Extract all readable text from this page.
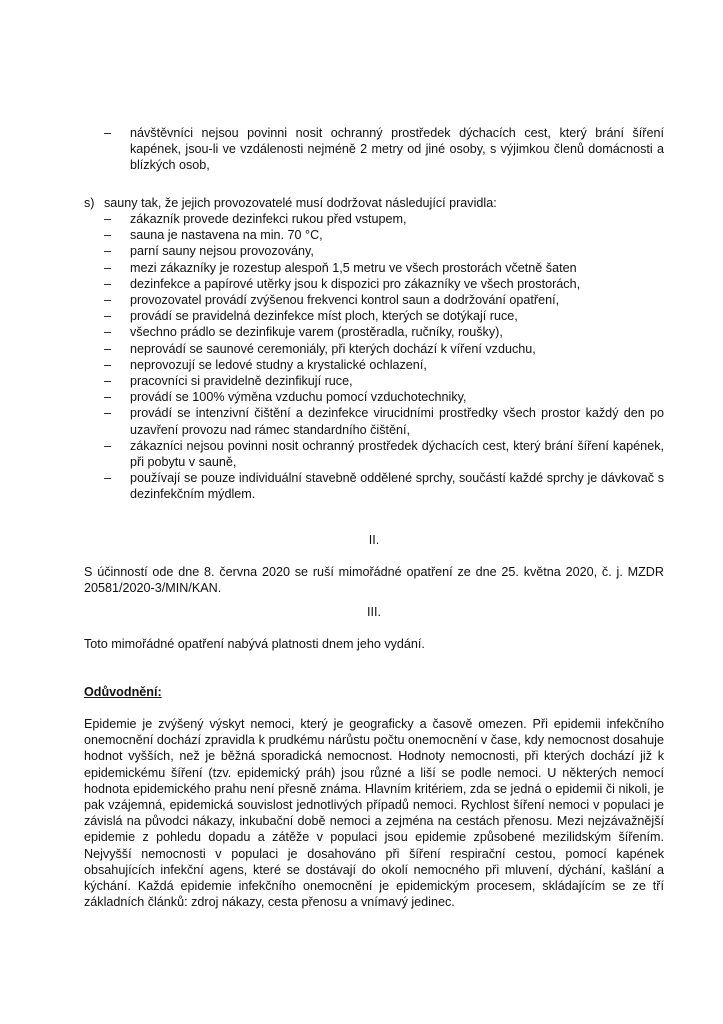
– návštěvníci nejsou povinni nosit ochranný prostředek dýchacích cest, který brání šíření kapének, jsou-li ve vzdálenosti nejméně 2 metry od jiné osoby, s výjimkou členů domácnosti a blízkých osob,
s) sauny tak, že jejich provozovatelé musí dodržovat následující pravidla:
– zákazník provede dezinfekci rukou před vstupem,
– sauna je nastavena na min. 70 °C,
– parní sauny nejsou provozovány,
– mezi zákazníky je rozestup alespoň 1,5 metru ve všech prostorách včetně šaten
– dezinfekce a papírové utěrky jsou k dispozici pro zákazníky ve všech prostorách,
– provozovatel provádí zvýšenou frekvenci kontrol saun a dodržování opatření,
– provádí se pravidelná dezinfekce míst ploch, kterých se dotýkají ruce,
– všechno prádlo se dezinfikuje varem (prostěradla, ručníky, roušky),
– neprovádí se saunové ceremoniály, při kterých dochází k víření vzduchu,
– neprovozují se ledové studny a krystalické ochlazení,
– pracovníci si pravidelně dezinfikují ruce,
– provádí se 100% výměna vzduchu pomocí vzduchotechniky,
– provádí se intenzivní čištění a dezinfekce virucidními prostředky všech prostor každý den po uzavření provozu nad rámec standardního čištění,
– zákazníci nejsou povinni nosit ochranný prostředek dýchacích cest, který brání šíření kapének, při pobytu v sauně,
– používají se pouze individuální stavebně oddělené sprchy, součástí každé sprchy je dávkovač s dezinfekčním mýdlem.
II.
S účinností ode dne 8. června 2020 se ruší mimořádné opatření ze dne 25. května 2020, č. j. MZDR 20581/2020-3/MIN/KAN.
III.
Toto mimořádné opatření nabývá platnosti dnem jeho vydání.
Odůvodnění:
Epidemie je zvýšený výskyt nemoci, který je geograficky a časově omezen. Při epidemii infekčního onemocnění dochází zpravidla k prudkému nárůstu počtu onemocnění v čase, kdy nemocnost dosahuje hodnot vyšších, než je běžná sporadická nemocnost. Hodnoty nemocnosti, při kterých dochází již k epidemickému šíření (tzv. epidemický práh) jsou různé a liší se podle nemoci. U některých nemocí hodnota epidemického prahu není přesně známa. Hlavním kritériem, zda se jedná o epidemii či nikoli, je pak vzájemná, epidemická souvislost jednotlivých případů nemoci. Rychlost šíření nemoci v populaci je závislá na původci nákazy, inkubační době nemoci a zejména na cestách přenosu. Mezi nejzávažnější epidemie z pohledu dopadu a zátěže v populaci jsou epidemie způsobené mezilidským šířením. Nejvyšší nemocnosti v populaci je dosahováno při šíření respirační cestou, pomocí kapének obsahujících infekční agens, které se dostávají do okolí nemocného při mluvení, dýchání, kašlání a kýchání. Každá epidemie infekčního onemocnění je epidemickým procesem, skládajícím se ze tří základních článků: zdroj nákazy, cesta přenosu a vnímavý jedinec.
